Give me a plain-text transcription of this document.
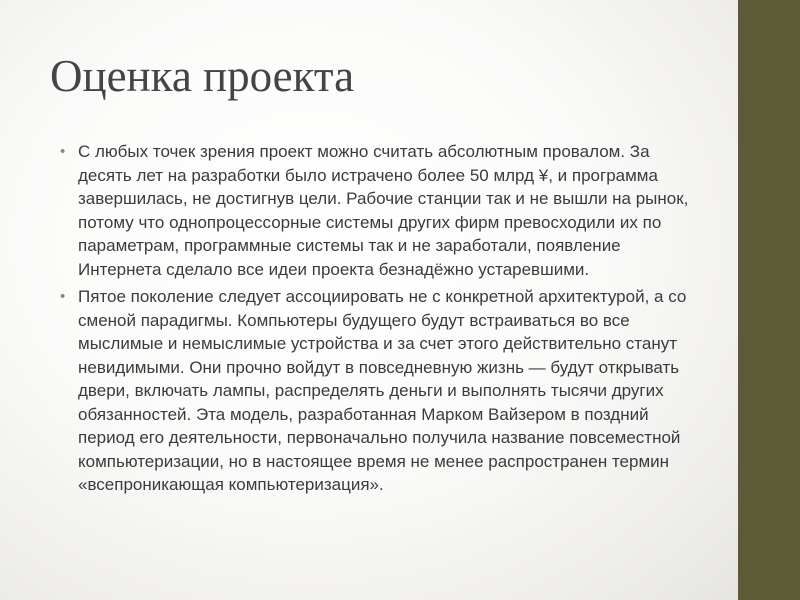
Оценка проекта
• С любых точек зрения проект можно считать абсолютным провалом. За десять лет на разработки было истрачено более 50 млрд ¥, и программа завершилась, не достигнув цели. Рабочие станции так и не вышли на рынок, потому что однопроцессорные системы других фирм превосходили их по параметрам, программные системы так и не заработали, появление Интернета сделало все идеи проекта безнадёжно устаревшими.
• Пятое поколение следует ассоциировать не с конкретной архитектурой, а со сменой парадигмы. Компьютеры будущего будут встраиваться во все мыслимые и немыслимые устройства и за счет этого действительно станут невидимыми. Они прочно войдут в повседневную жизнь — будут открывать двери, включать лампы, распределять деньги и выполнять тысячи других обязанностей. Эта модель, разработанная Марком Вайзером в поздний период его деятельности, первоначально получила название повсеместной компьютеризации, но в настоящее время не менее распространен термин «всепроникающая компьютеризация».
